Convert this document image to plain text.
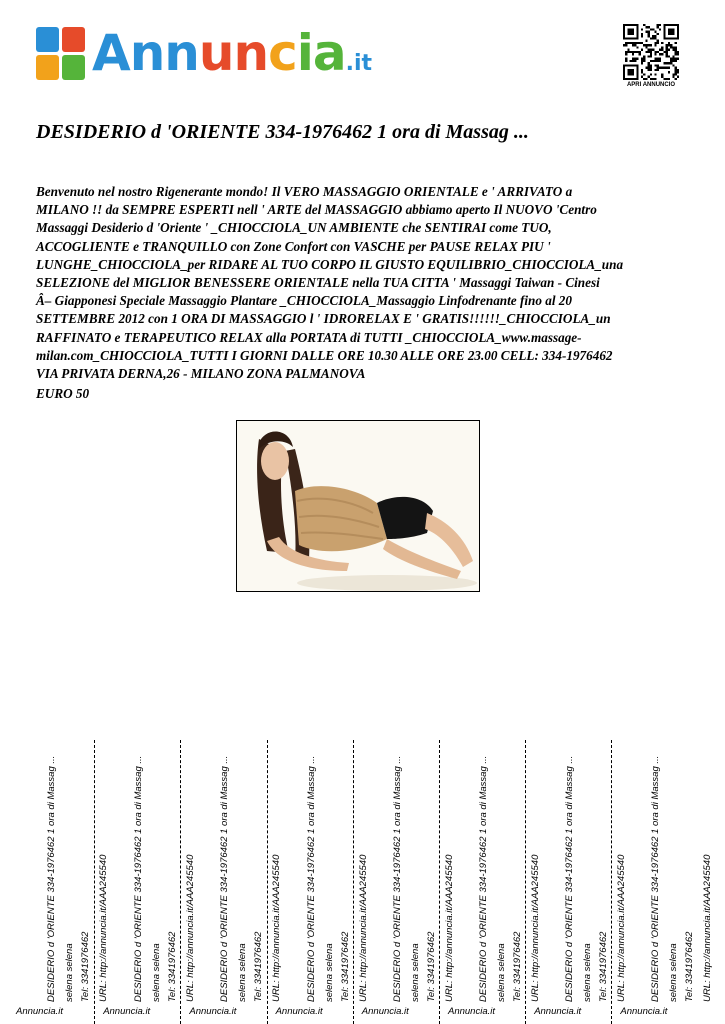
Annuncia.it
APRI ANNUNCIO
DESIDERIO d 'ORIENTE 334-1976462 1 ora di Massag ...

Benvenuto nel nostro Rigenerante mondo! Il VERO MASSAGGIO ORIENTALE e ' ARRIVATO a
MILANO !! da SEMPRE ESPERTI nell ' ARTE del MASSAGGIO abbiamo aperto Il NUOVO 'Centro
Massaggi Desiderio d 'Oriente ' _CHIOCCIOLA_UN AMBIENTE che SENTIRAI come TUO,
ACCOGLIENTE e TRANQUILLO con Zone Confort con VASCHE per PAUSE RELAX PIU '
LUNGHE_CHIOCCIOLA_per RIDARE AL TUO CORPO IL GIUSTO EQUILIBRIO_CHIOCCIOLA_una
SELEZIONE del MIGLIOR BENESSERE ORIENTALE nella TUA CITTA ' Massaggi Taiwan - Cinesi
Â– Giapponesi Speciale Massaggio Plantare _CHIOCCIOLA_Massaggio Linfodrenante fino al 20
SETTEMBRE 2012 con 1 ORA DI MASSAGGIO l ' IDRORELAX E ' GRATIS!!!!!!_CHIOCCIOLA_un
RAFFINATO e TERAPEUTICO RELAX alla PORTATA di TUTTI _CHIOCCIOLA_www.massage-
milan.com_CHIOCCIOLA_TUTTI I GIORNI DALLE ORE 10.30 ALLE ORE 23.00 CELL: 334-1976462
VIA PRIVATA DERNA,26 - MILANO ZONA PALMANOVA

EURO 50

DESIDERIO d 'ORIENTE 334-1976462 1 ora di Massag ... selena selena Tel: 3341976462 URL: http://annuncia.it/AAA245540
Annuncia.it
DESIDERIO d 'ORIENTE 334-1976462 1 ora di Massag ... selena selena Tel: 3341976462 URL: http://annuncia.it/AAA245540
Annuncia.it
DESIDERIO d 'ORIENTE 334-1976462 1 ora di Massag ... selena selena Tel: 3341976462 URL: http://annuncia.it/AAA245540
Annuncia.it
DESIDERIO d 'ORIENTE 334-1976462 1 ora di Massag ... selena selena Tel: 3341976462 URL: http://annuncia.it/AAA245540
Annuncia.it
DESIDERIO d 'ORIENTE 334-1976462 1 ora di Massag ... selena selena Tel: 3341976462 URL: http://annuncia.it/AAA245540
Annuncia.it
DESIDERIO d 'ORIENTE 334-1976462 1 ora di Massag ... selena selena Tel: 3341976462 URL: http://annuncia.it/AAA245540
Annuncia.it
DESIDERIO d 'ORIENTE 334-1976462 1 ora di Massag ... selena selena Tel: 3341976462 URL: http://annuncia.it/AAA245540
Annuncia.it
DESIDERIO d 'ORIENTE 334-1976462 1 ora di Massag ... selena selena Tel: 3341976462 URL: http://annuncia.it/AAA245540
Annuncia.it
